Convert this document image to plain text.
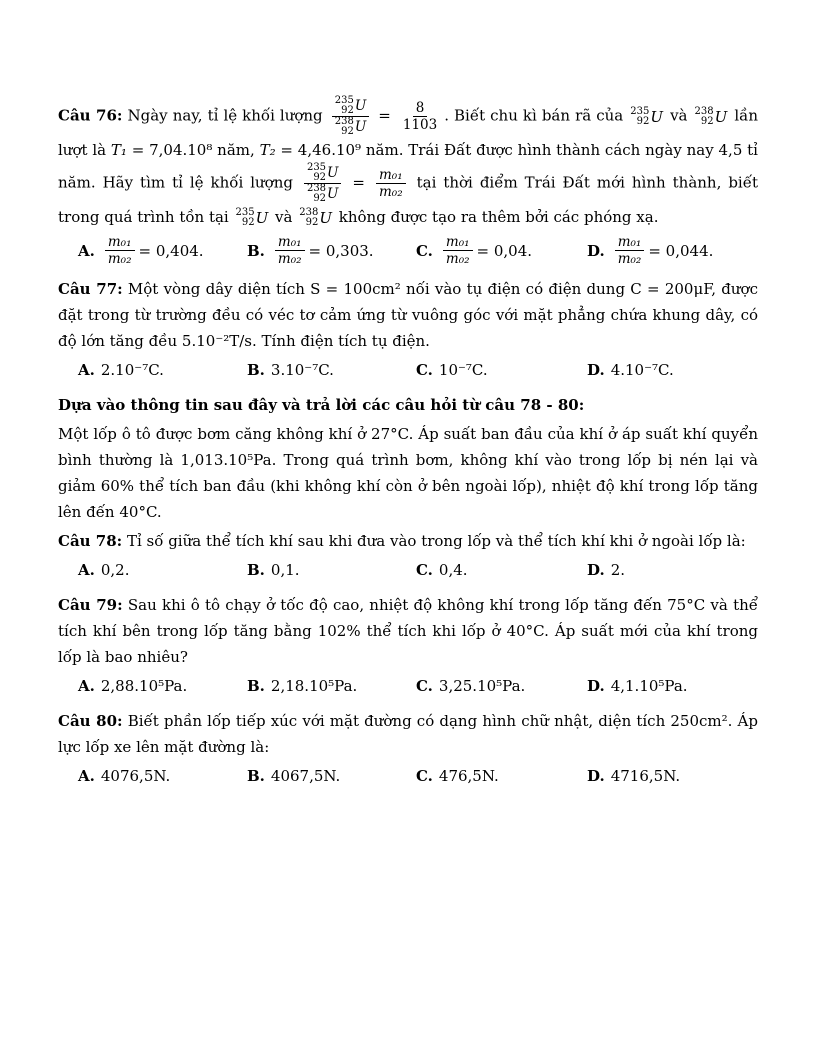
Câu 76: Ngày nay, tỉ lệ khối lượng 235
92 U
238
92 $U = \frac{8}{1103}$ . Biết chu kì bán rã của 235
92 U và 238
92 U lần lượt là T₁ = 7,04.10⁸ năm, T₂ = 4,46.10⁹ năm. Trái Đất được hình thành cách ngày nay 4,5 tỉ năm. Hãy tìm tỉ lệ khối lượng 235
92 U
238
92 $U = \frac{\text{m₀₁}}{\text{m₀₂}}$ tại thời điểm Trái Đất mới hình thành, biết trong quá trình tồn tại 235
92 U và 238
92 U không được tạo ra thêm bởi các phóng xạ.

A. $\frac{\text{m₀₁}}{\text{m₀₂}} = 0,404$.	B. $\frac{\text{m₀₁}}{\text{m₀₂}} = 0,303$.	C. $\frac{\text{m₀₁}}{\text{m₀₂}} = 0,04$.	D. $\frac{\text{m₀₁}}{\text{m₀₂}} = 0,044$.

Câu 77: Một vòng dây diện tích S = 100cm² nối vào tụ điện có điện dung C = 200μF, được đặt trong từ trường đều có véc tơ cảm ứng từ vuông góc với mặt phẳng chứa khung dây, có độ lớn tăng đều 5.10⁻²T/s. Tính điện tích tụ điện.

A. 2.10⁻⁷C.	B. 3.10⁻⁷C.	C. 10⁻⁷C.	D. 4.10⁻⁷C.

Dựa vào thông tin sau đây và trả lời các câu hỏi từ câu 78 - 80:

Một lốp ô tô được bơm căng không khí ở 27°C. Áp suất ban đầu của khí ở áp suất khí quyển bình thường là 1,013.10⁵Pa. Trong quá trình bơm, không khí vào trong lốp bị nén lại và giảm 60% thể tích ban đầu (khi không khí còn ở bên ngoài lốp), nhiệt độ khí trong lốp tăng lên đến 40°C.

Câu 78: Tỉ số giữa thể tích khí sau khi đưa vào trong lốp và thể tích khí khi ở ngoài lốp là:

A. 0,2.	B. 0,1.	C. 0,4.	D. 2.

Câu 79: Sau khi ô tô chạy ở tốc độ cao, nhiệt độ không khí trong lốp tăng đến 75°C và thể tích khí bên trong lốp tăng bằng 102% thể tích khi lốp ở 40°C. Áp suất mới của khí trong lốp là bao nhiêu?

A. 2,88.10⁵Pa.	B. 2,18.10⁵Pa.	C. 3,25.10⁵Pa.	D. 4,1.10⁵Pa.

Câu 80: Biết phần lốp tiếp xúc với mặt đường có dạng hình chữ nhật, diện tích 250cm². Áp lực lốp xe lên mặt đường là:

A. 4076,5N.	B. 4067,5N.	C. 476,5N.	D. 4716,5N.
